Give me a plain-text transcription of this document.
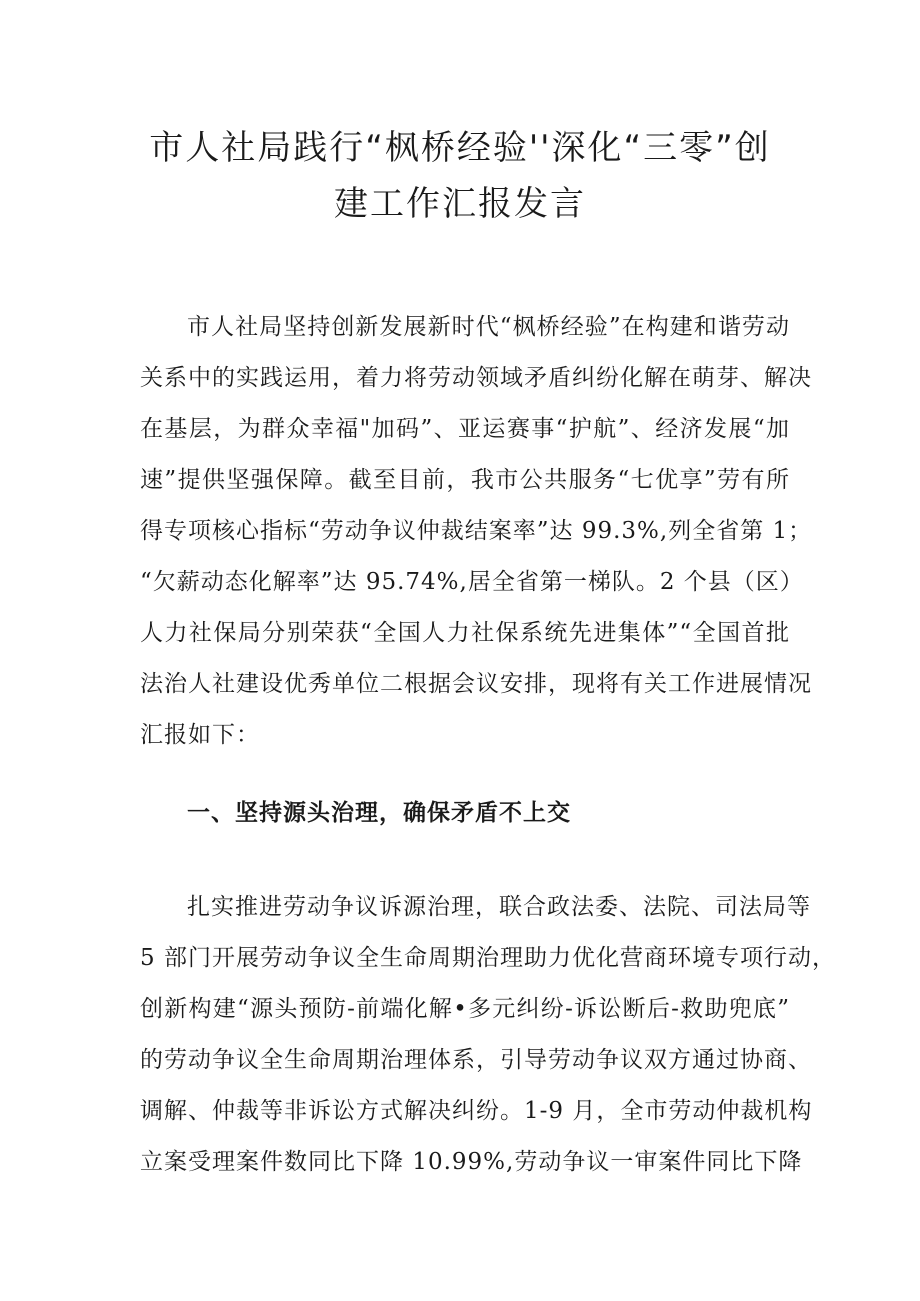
市人社局践行“枫桥经验''深化“三零”创
建工作汇报发言
市人社局坚持创新发展新时代“枫桥经验”在构建和谐劳动
关系中的实践运用，着力将劳动领域矛盾纠纷化解在萌芽、解决
在基层，为群众幸福"加码”、亚运赛事“护航”、经济发展“加
速”提供坚强保障。截至目前，我市公共服务“七优享”劳有所
得专项核心指标“劳动争议仲裁结案率”达 99.3%,列全省第 1；
“欠薪动态化解率”达 95.74%,居全省第一梯队。2 个县（区）
人力社保局分别荣获“全国人力社保系统先进集体”“全国首批
法治人社建设优秀单位二根据会议安排，现将有关工作进展情况
汇报如下：
一、坚持源头治理，确保矛盾不上交
扎实推进劳动争议诉源治理，联合政法委、法院、司法局等
5 部门开展劳动争议全生命周期治理助力优化营商环境专项行动，
创新构建“源头预防-前端化解•多元纠纷-诉讼断后-救助兜底”
的劳动争议全生命周期治理体系，引导劳动争议双方通过协商、
调解、仲裁等非诉讼方式解决纠纷。1-9 月，全市劳动仲裁机构
立案受理案件数同比下降 10.99%,劳动争议一审案件同比下降
